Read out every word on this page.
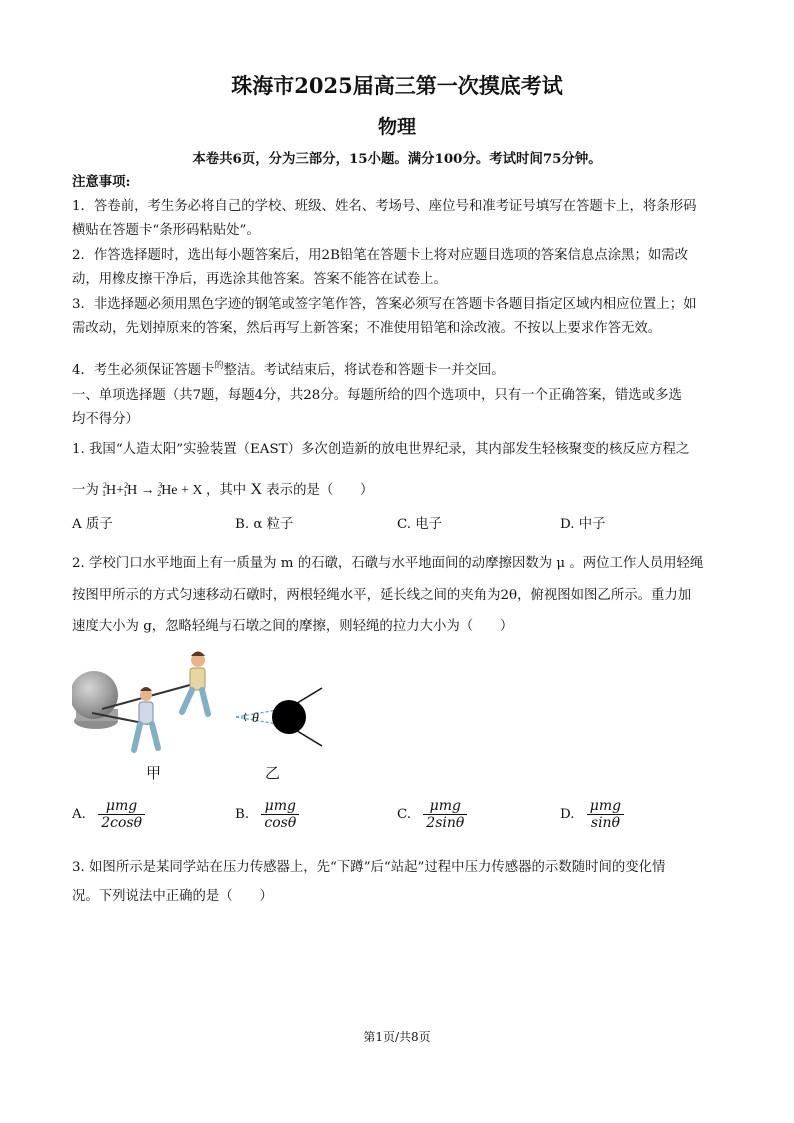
珠海市2025届高三第一次摸底考试
物理
本卷共6页，分为三部分，15小题。满分100分。考试时间75分钟。
注意事项:
1．答卷前，考生务必将自己的学校、班级、姓名、考场号、座位号和准考证号填写在答题卡上，将条形码
横贴在答题卡“条形码粘贴处”。
2．作答选择题时，选出每小题答案后，用2B铅笔在答题卡上将对应题目选项的答案信息点涂黑；如需改
动，用橡皮擦干净后，再选涂其他答案。答案不能答在试卷上。
3．非选择题必须用黑色字迹的钢笔或签字笔作答，答案必须写在答题卡各题目指定区域内相应位置上；如
需改动，先划掉原来的答案，然后再写上新答案；不准使用铅笔和涂改液。不按以上要求作答无效。
4．考生必须保证答题卡$^的$整洁。考试结束后，将试卷和答题卡一并交回。
一、单项选择题（共7题，每题4分，共28分。每题所给的四个选项中，只有一个正确答案，错选或多选
均不得分）
1. 我国“人造太阳”实验装置（EAST）多次创造新的放电世界纪录，其内部发生轻核聚变的核反应方程之
一为 $^2_1$H+$^2_1$H → $^3_2$He + X ，其中 X 表示的是（　　）
A 质子	B. α 粒子	C. 电子	D. 中子
2. 学校门口水平地面上有一质量为 m 的石礅，石礅与水平地面间的动摩擦因数为 μ 。两位工作人员用轻绳
按图甲所示的方式匀速移动石礅时，两根轻绳水平，延长线之间的夹角为2θ，俯视图如图乙所示。重力加
速度大小为 g，忽略轻绳与石墩之间的摩擦，则轻绳的拉力大小为（　　）
甲
θ
乙
A. $\frac{\text{μmg}}{2\cos\theta}$	B. $\frac{\text{μmg}}{\cos\theta}$	C. $\frac{\text{μmg}}{2\sin\theta}$	D. $\frac{\text{μmg}}{\sin\theta}$
3. 如图所示是某同学站在压力传感器上，先“下蹲”后“站起”过程中压力传感器的示数随时间的变化情
况。下列说法中正确的是（　　）
第1页/共8页
